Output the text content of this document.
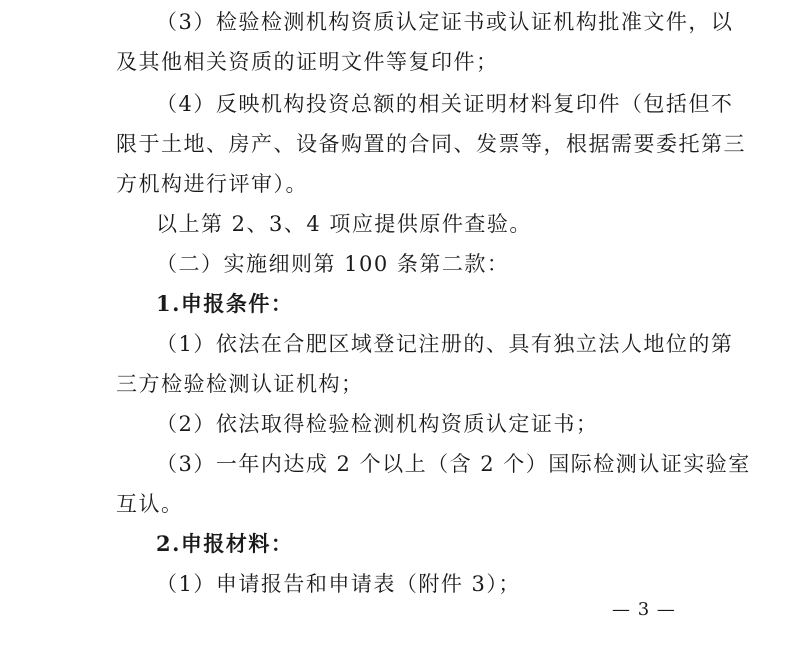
（3）检验检测机构资质认定证书或认证机构批准文件，以
及其他相关资质的证明文件等复印件；
（4）反映机构投资总额的相关证明材料复印件（包括但不
限于土地、房产、设备购置的合同、发票等，根据需要委托第三
方机构进行评审）。
以上第 2、3、4 项应提供原件查验。
（二）实施细则第 100 条第二款：
1.申报条件：
（1）依法在合肥区域登记注册的、具有独立法人地位的第
三方检验检测认证机构；
（2）依法取得检验检测机构资质认定证书；
（3）一年内达成 2 个以上（含 2 个）国际检测认证实验室
互认。
2.申报材料：
（1）申请报告和申请表（附件 3）；
— 3 —
